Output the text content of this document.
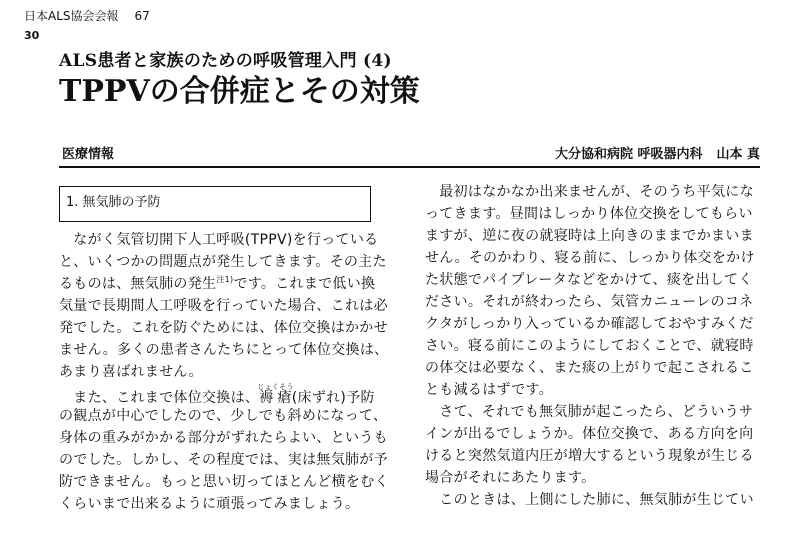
日本ALS協会会報 67
30
ALS患者と家族のための呼吸管理入門 (4)
TPPVの合併症とその対策
医療情報	大分協和病院 呼吸器内科 山本 真
1. 無気肺の予防
　ながく気管切開下人工呼吸(TPPV)を行っている
と、いくつかの問題点が発生してきます。その主た
るものは、無気肺の発生$^{注1)}$です。これまで低い換
気量で長期間人工呼吸を行っていた場合、これは必
発でした。これを防ぐためには、体位交換はかかせ
ません。多くの患者さんたちにとって体位交換は、
あまり喜ばれません。
　また、これまで体位交換は、褥瘡じょくそう(床ずれ)予防
の観点が中心でしたので、少しでも斜めになって、
身体の重みがかかる部分がずれたらよい、というも
のでした。しかし、その程度では、実は無気肺が予
防できません。もっと思い切ってほとんど横をむく
くらいまで出来るように頑張ってみましょう。
　最初はなかなか出来ませんが、そのうち平気にな
ってきます。昼間はしっかり体位交換をしてもらい
ますが、逆に夜の就寝時は上向きのままでかまいま
せん。そのかわり、寝る前に、しっかり体交をかけ
た状態でパイプレータなどをかけて、痰を出してく
ださい。それが終わったら、気管カニューレのコネ
クタがしっかり入っているか確認しておやすみくだ
さい。寝る前にこのようにしておくことで、就寝時
の体交は必要なく、また痰の上がりで起こされるこ
とも減るはずです。
　さて、それでも無気肺が起こったら、どういうサ
インが出るでしょうか。体位交換で、ある方向を向
けると突然気道内圧が増大するという現象が生じる
場合がそれにあたります。
　このときは、上側にした肺に、無気肺が生じてい
